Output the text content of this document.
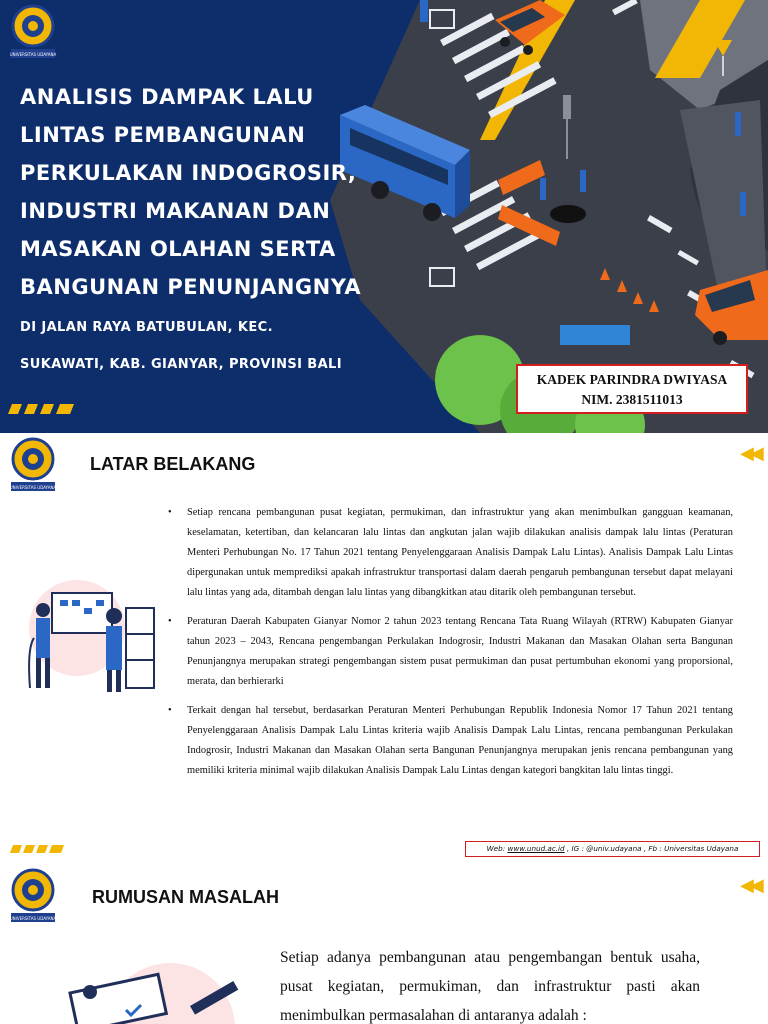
UNIVERSITAS UDAYANA
ANALISIS DAMPAK LALU LINTAS PEMBANGUNAN PERKULAKAN INDOGROSIR, INDUSTRI MAKANAN DAN MASAKAN OLAHAN SERTA BANGUNAN PENUNJANGNYA
DI JALAN RAYA BATUBULAN, KEC.
SUKAWATI, KAB. GIANYAR, PROVINSI BALI
KADEK PARINDRA DWIYASA
NIM. 2381511013
UNIVERSITAS UDAYANA
LATAR BELAKANG	◀◀
• Setiap rencana pembangunan pusat kegiatan, permukiman, dan infrastruktur yang akan menimbulkan gangguan keamanan, keselamatan, ketertiban, dan kelancaran lalu lintas dan angkutan jalan wajib dilakukan analisis dampak lalu lintas (Peraturan Menteri Perhubungan No. 17 Tahun 2021 tentang Penyelenggaraan Analisis Dampak Lalu Lintas). Analisis Dampak Lalu Lintas dipergunakan untuk memprediksi apakah infrastruktur transportasi dalam daerah pengaruh pembangunan tersebut dapat melayani lalu lintas yang ada, ditambah dengan lalu lintas yang dibangkitkan atau ditarik oleh pembangunan tersebut.
• Peraturan Daerah Kabupaten Gianyar Nomor 2 tahun 2023 tentang Rencana Tata Ruang Wilayah (RTRW) Kabupaten Gianyar tahun 2023 – 2043, Rencana pengembangan Perkulakan Indogrosir, Industri Makanan dan Masakan Olahan serta Bangunan Penunjangnya merupakan strategi pengembangan sistem pusat permukiman dan pusat pertumbuhan ekonomi yang proporsional, merata, dan berhierarki
• Terkait dengan hal tersebut, berdasarkan Peraturan Menteri Perhubungan Republik Indonesia Nomor 17 Tahun 2021 tentang Penyelenggaraan Analisis Dampak Lalu Lintas kriteria wajib Analisis Dampak Lalu Lintas, rencana pembangunan Perkulakan Indogrosir, Industri Makanan dan Masakan Olahan serta Bangunan Penunjangnya merupakan jenis rencana pembangunan yang memiliki kriteria minimal wajib dilakukan Analisis Dampak Lalu Lintas dengan kategori bangkitan lalu lintas tinggi.
Web: www.unud.ac.id , IG : @univ.udayana , Fb : Universitas Udayana
UNIVERSITAS UDAYANA
RUMUSAN MASALAH
◀◀
Setiap adanya pembangunan atau pengembangan bentuk usaha, pusat kegiatan, permukiman, dan infrastruktur pasti akan menimbulkan permasalahan di antaranya adalah :
